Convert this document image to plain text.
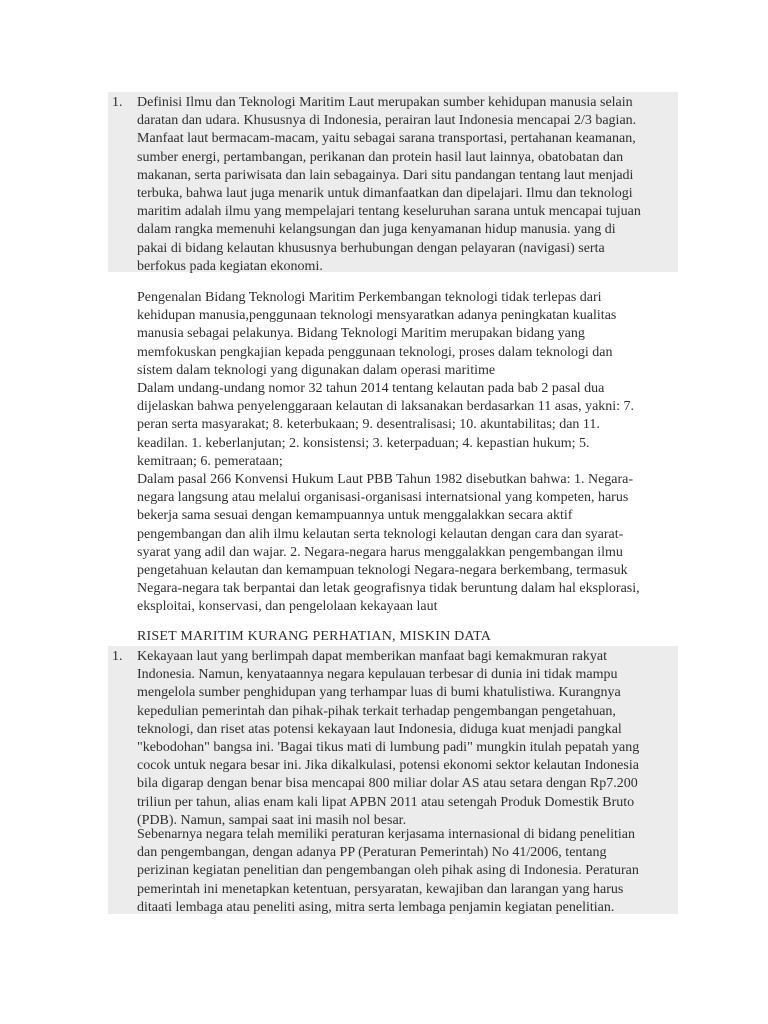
1. Definisi Ilmu dan Teknologi Maritim Laut merupakan sumber kehidupan manusia selain
daratan dan udara. Khususnya di Indonesia, perairan laut Indonesia mencapai 2/3 bagian.
Manfaat laut bermacam-macam, yaitu sebagai sarana transportasi, pertahanan keamanan,
sumber energi, pertambangan, perikanan dan protein hasil laut lainnya, obatobatan dan
makanan, serta pariwisata dan lain sebagainya. Dari situ pandangan tentang laut menjadi
terbuka, bahwa laut juga menarik untuk dimanfaatkan dan dipelajari. Ilmu dan teknologi
maritim adalah ilmu yang mempelajari tentang keseluruhan sarana untuk mencapai tujuan
dalam rangka memenuhi kelangsungan dan juga kenyamanan hidup manusia. yang di
pakai di bidang kelautan khususnya berhubungan dengan pelayaran (navigasi) serta
berfokus pada kegiatan ekonomi.

Pengenalan Bidang Teknologi Maritim Perkembangan teknologi tidak terlepas dari
kehidupan manusia,penggunaan teknologi mensyaratkan adanya peningkatan kualitas
manusia sebagai pelakunya. Bidang Teknologi Maritim merupakan bidang yang
memfokuskan pengkajian kepada penggunaan teknologi, proses dalam teknologi dan
sistem dalam teknologi yang digunakan dalam operasi maritime
Dalam undang-undang nomor 32 tahun 2014 tentang kelautan pada bab 2 pasal dua
dijelaskan bahwa penyelenggaraan kelautan di laksanakan berdasarkan 11 asas, yakni: 7.
peran serta masyarakat; 8. keterbukaan; 9. desentralisasi; 10. akuntabilitas; dan 11.
keadilan. 1. keberlanjutan; 2. konsistensi; 3. keterpaduan; 4. kepastian hukum; 5.
kemitraan; 6. pemerataan;
Dalam pasal 266 Konvensi Hukum Laut PBB Tahun 1982 disebutkan bahwa: 1. Negara-
negara langsung atau melalui organisasi-organisasi internatsional yang kompeten, harus
bekerja sama sesuai dengan kemampuannya untuk menggalakkan secara aktif
pengembangan dan alih ilmu kelautan serta teknologi kelautan dengan cara dan syarat-
syarat yang adil dan wajar. 2. Negara-negara harus menggalakkan pengembangan ilmu
pengetahuan kelautan dan kemampuan teknologi Negara-negara berkembang, termasuk
Negara-negara tak berpantai dan letak geografisnya tidak beruntung dalam hal eksplorasi,
eksploitai, konservasi, dan pengelolaan kekayaan laut

RISET MARITIM KURANG PERHATIAN, MISKIN DATA
1. Kekayaan laut yang berlimpah dapat memberikan manfaat bagi kemakmuran rakyat
Indonesia. Namun, kenyataannya negara kepulauan terbesar di dunia ini tidak mampu
mengelola sumber penghidupan yang terhampar luas di bumi khatulistiwa. Kurangnya
kepedulian pemerintah dan pihak-pihak terkait terhadap pengembangan pengetahuan,
teknologi, dan riset atas potensi kekayaan laut Indonesia, diduga kuat menjadi pangkal
"kebodohan" bangsa ini. 'Bagai tikus mati di lumbung padi" mungkin itulah pepatah yang
cocok untuk negara besar ini. Jika dikalkulasi, potensi ekonomi sektor kelautan Indonesia
bila digarap dengan benar bisa mencapai 800 miliar dolar AS atau setara dengan Rp7.200
triliun per tahun, alias enam kali lipat APBN 2011 atau setengah Produk Domestik Bruto
(PDB). Namun, sampai saat ini masih nol besar.

Sebenarnya negara telah memiliki peraturan kerjasama internasional di bidang penelitian
dan pengembangan, dengan adanya PP (Peraturan Pemerintah) No 41/2006, tentang
perizinan kegiatan penelitian dan pengembangan oleh pihak asing di Indonesia. Peraturan
pemerintah ini menetapkan ketentuan, persyaratan, kewajiban dan larangan yang harus
ditaati lembaga atau peneliti asing, mitra serta lembaga penjamin kegiatan penelitian.
